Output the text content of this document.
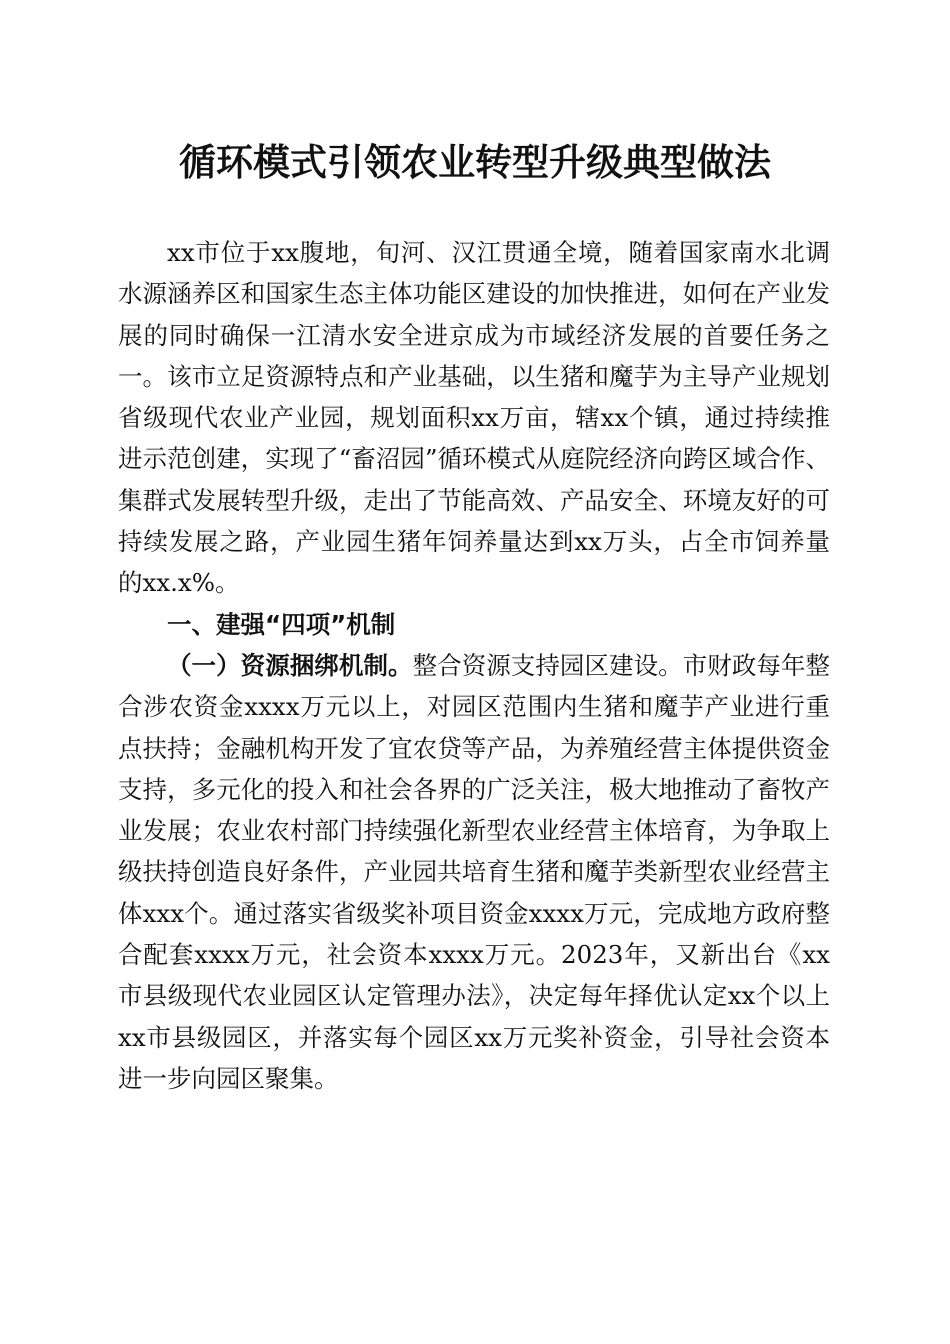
循环模式引领农业转型升级典型做法

xx市位于xx腹地，旬河、汉江贯通全境，随着国家南水北调水源涵养区和国家生态主体功能区建设的加快推进，如何在产业发展的同时确保一江清水安全进京成为市域经济发展的首要任务之一。该市立足资源特点和产业基础，以生猪和魔芋为主导产业规划省级现代农业产业园，规划面积xx万亩，辖xx个镇，通过持续推进示范创建，实现了“畜沼园”循环模式从庭院经济向跨区域合作、集群式发展转型升级，走出了节能高效、产品安全、环境友好的可持续发展之路，产业园生猪年饲养量达到xx万头，占全市饲养量的xx.x%。

一、建强“四项”机制

（一）资源捆绑机制。整合资源支持园区建设。市财政每年整合涉农资金xxxx万元以上，对园区范围内生猪和魔芋产业进行重点扶持；金融机构开发了宜农贷等产品，为养殖经营主体提供资金支持，多元化的投入和社会各界的广泛关注，极大地推动了畜牧产业发展；农业农村部门持续强化新型农业经营主体培育，为争取上级扶持创造良好条件，产业园共培育生猪和魔芋类新型农业经营主体xxx个。通过落实省级奖补项目资金xxxx万元，完成地方政府整合配套xxxx万元，社会资本xxxx万元。2023年，又新出台《xx市县级现代农业园区认定管理办法》，决定每年择优认定xx个以上xx市县级园区，并落实每个园区xx万元奖补资金，引导社会资本进一步向园区聚集。
